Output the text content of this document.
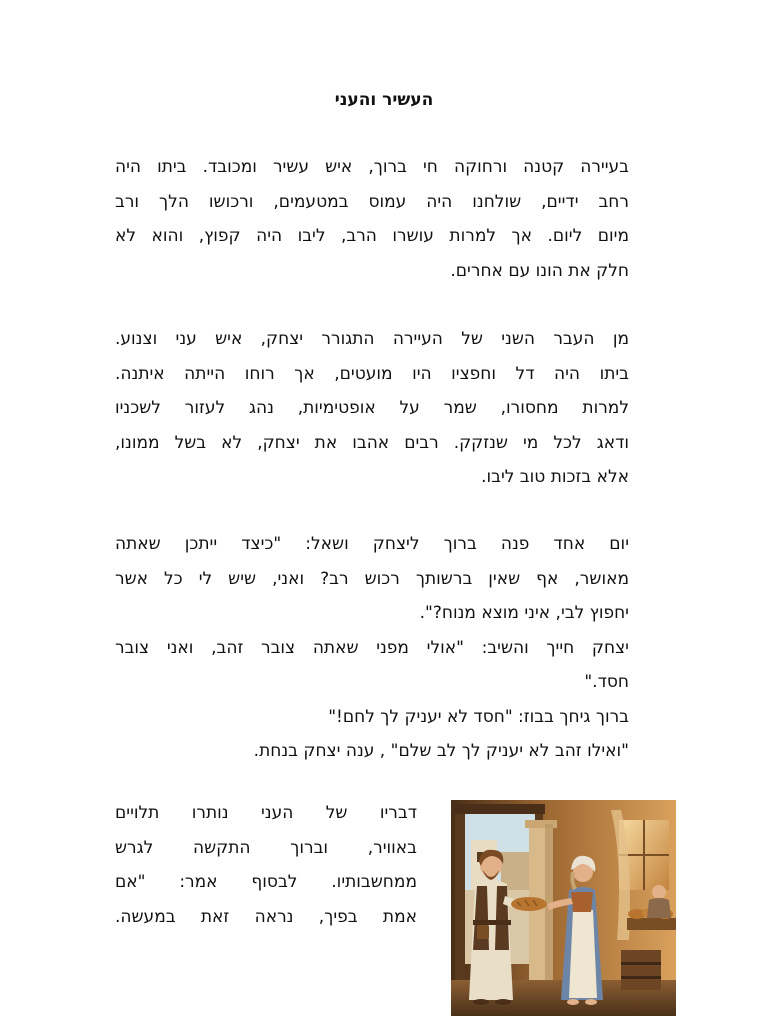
העשיר והעני
בעיירה קטנה ורחוקה חי ברוך, איש עשיר ומכובד. ביתו היה
רחב ידיים, שולחנו היה עמוס במטעמים, ורכושו הלך ורב
מיום ליום. אך למרות עושרו הרב, ליבו היה קפוץ, והוא לא
חלק את הונו עם אחרים.
מן העבר השני של העיירה התגורר יצחק, איש עני וצנוע.
ביתו היה דל וחפציו היו מועטים, אך רוחו הייתה איתנה.
למרות מחסורו, שמר על אופטימיות, נהג לעזור לשכניו
ודאג לכל מי שנזקק. רבים אהבו את יצחק, לא בשל ממונו,
אלא בזכות טוב ליבו.
יום אחד פנה ברוך ליצחק ושאל: "כיצד ייתכן שאתה
מאושר, אף שאין ברשותך רכוש רב? ואני, שיש לי כל אשר
יחפוץ לבי, איני מוצא מנוח?".
יצחק חייך והשיב: "אולי מפני שאתה צובר זהב, ואני צובר
חסד."
ברוך גיחך בבוז: "חסד לא יעניק לך לחם!"
"ואילו זהב לא יעניק לך לב שלם" , ענה יצחק בנחת.
דבריו של העני נותרו תלויים
באוויר, וברוך התקשה לגרש
ממחשבותיו. לבסוף אמר: "אם
אמת בפיך, נראה זאת במעשה.
